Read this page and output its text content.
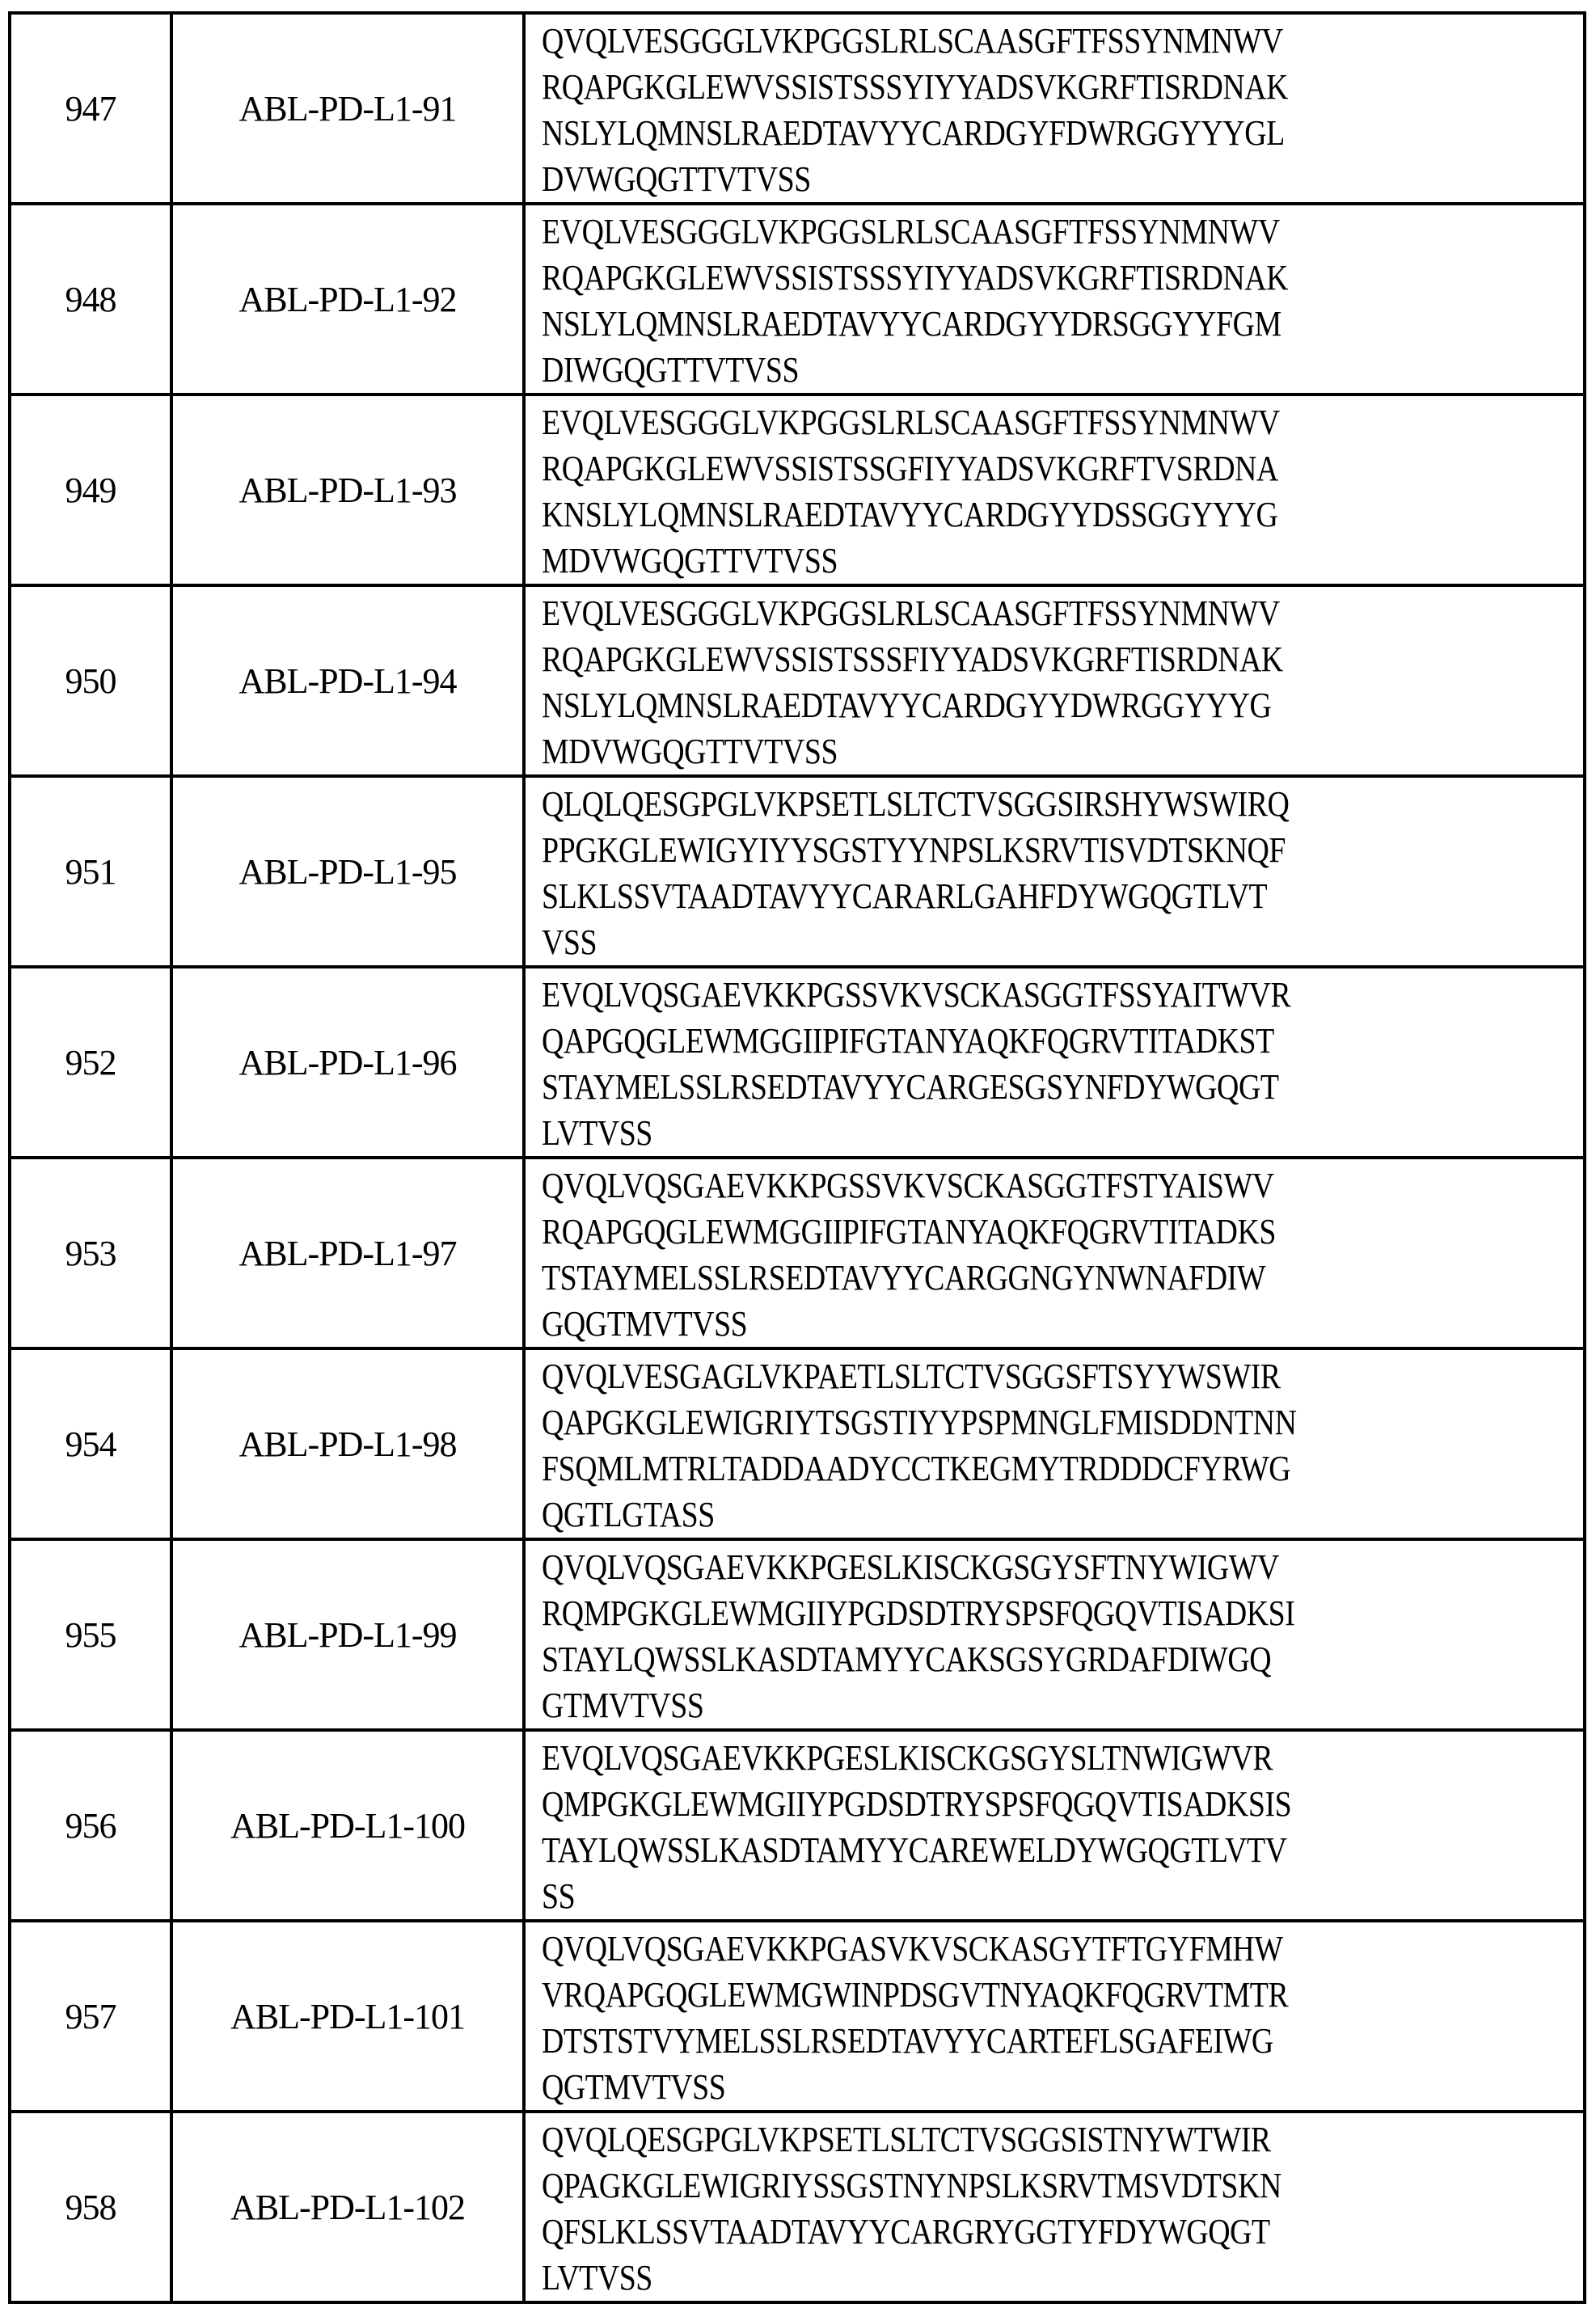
947	ABL-PD-L1-91	QVQLVESGGGLVKPGGSLRLSCAASGFTFSSYNMNWV
RQAPGKGLEWVSSISTSSSYIYYADSVKGRFTISRDNAK
NSLYLQMNSLRAEDTAVYYCARDGYFDWRGGYYYGL
DVWGQGTTVTVSS

948	ABL-PD-L1-92	EVQLVESGGGLVKPGGSLRLSCAASGFTFSSYNMNWV
RQAPGKGLEWVSSISTSSSYIYYADSVKGRFTISRDNAK
NSLYLQMNSLRAEDTAVYYCARDGYYDRSGGYYFGM
DIWGQGTTVTVSS

949	ABL-PD-L1-93	EVQLVESGGGLVKPGGSLRLSCAASGFTFSSYNMNWV
RQAPGKGLEWVSSISTSSGFIYYADSVKGRFTVSRDNA
KNSLYLQMNSLRAEDTAVYYCARDGYYDSSGGYYYG
MDVWGQGTTVTVSS

950	ABL-PD-L1-94	EVQLVESGGGLVKPGGSLRLSCAASGFTFSSYNMNWV
RQAPGKGLEWVSSISTSSSFIYYADSVKGRFTISRDNAK
NSLYLQMNSLRAEDTAVYYCARDGYYDWRGGYYYG
MDVWGQGTTVTVSS

951	ABL-PD-L1-95	QLQLQESGPGLVKPSETLSLTCTVSGGSIRSHYWSWIRQ
PPGKGLEWIGYIYYSGSTYYNPSLKSRVTISVDTSKNQF
SLKLSSVTAADTAVYYCARARLGAHFDYWGQGTLVT
VSS

952	ABL-PD-L1-96	EVQLVQSGAEVKKPGSSVKVSCKASGGTFSSYAITWVR
QAPGQGLEWMGGIIPIFGTANYAQKFQGRVTITADKST
STAYMELSSLRSEDTAVYYCARGESGSYNFDYWGQGT
LVTVSS

953	ABL-PD-L1-97	QVQLVQSGAEVKKPGSSVKVSCKASGGTFSTYAISWV
RQAPGQGLEWMGGIIPIFGTANYAQKFQGRVTITADKS
TSTAYMELSSLRSEDTAVYYCARGGNGYNWNAFDIW
GQGTMVTVSS

954	ABL-PD-L1-98	QVQLVESGAGLVKPAETLSLTCTVSGGSFTSYYWSWIR
QAPGKGLEWIGRIYTSGSTIYYPSPMNGLFMISDDNTNN
FSQMLMTRLTADDAADYCCTKEGMYTRDDDCFYRWG
QGTLGTASS

955	ABL-PD-L1-99	QVQLVQSGAEVKKPGESLKISCKGSGYSFTNYWIGWV
RQMPGKGLEWMGIIYPGDSDTRYSPSFQGQVTISADKSI
STAYLQWSSLKASDTAMYYCAKSGSYGRDAFDIWGQ
GTMVTVSS

956	ABL-PD-L1-100	EVQLVQSGAEVKKPGESLKISCKGSGYSLTNWIGWVR
QMPGKGLEWMGIIYPGDSDTRYSPSFQGQVTISADKSIS
TAYLQWSSLKASDTAMYYCAREWELDYWGQGTLVTV
SS

957	ABL-PD-L1-101	QVQLVQSGAEVKKPGASVKVSCKASGYTFTGYFMHW
VRQAPGQGLEWMGWINPDSGVTNYAQKFQGRVTMTR
DTSTSTVYMELSSLRSEDTAVYYCARTEFLSGAFEIWG
QGTMVTVSS

958	ABL-PD-L1-102	QVQLQESGPGLVKPSETLSLTCTVSGGSISTNYWTWIR
QPAGKGLEWIGRIYSSGSTNYNPSLKSRVTMSVDTSKN
QFSLKLSSVTAADTAVYYCARGRYGGTYFDYWGQGT
LVTVSS
